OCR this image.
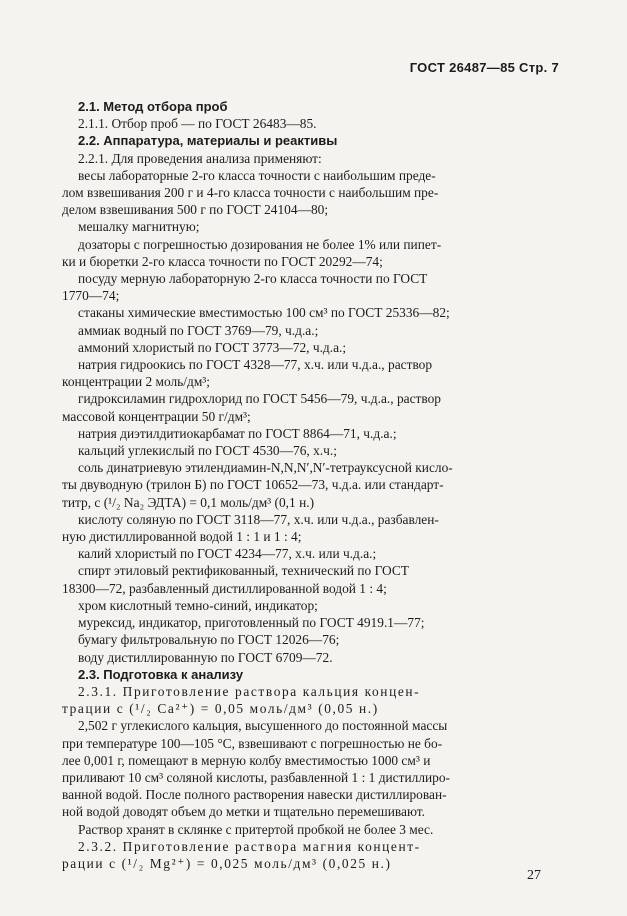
ГОСТ 26487—85 Стр. 7

2.1. Метод отбора проб

2.1.1. Отбор проб — по ГОСТ 26483—85.

2.2. Аппаратура, материалы и реактивы

2.2.1. Для проведения анализа применяют:

весы лабораторные 2-го класса точности с наибольшим преде-

лом взвешивания 200 г и 4-го класса точности с наибольшим пре-

делом взвешивания 500 г по ГОСТ 24104—80;

мешалку магнитную;

дозаторы с погрешностью дозирования не более 1% или пипет-

ки и бюретки 2-го класса точности по ГОСТ 20292—74;

посуду мерную лабораторную 2-го класса точности по ГОСТ

1770—74;

стаканы химические вместимостью 100 см³ по ГОСТ 25336—82;

аммиак водный по ГОСТ 3769—79, ч.д.а.;

аммоний хлористый по ГОСТ 3773—72, ч.д.а.;

натрия гидроокись по ГОСТ 4328—77, х.ч. или ч.д.а., раствор

концентрации 2 моль/дм³;

гидроксиламин гидрохлорид по ГОСТ 5456—79, ч.д.а., раствор

массовой концентрации 50 г/дм³;

натрия диэтилдитиокарбамат по ГОСТ 8864—71, ч.д.а.;

кальций углекислый по ГОСТ 4530—76, х.ч.;

соль динатриевую этилендиамин-N,N,N′,N′-тетрауксусной кисло-

ты двуводную (трилон Б) по ГОСТ 10652—73, ч.д.а. или стандарт-

титр, с (¹/₂ Na₂ ЭДТА) = 0,1 моль/дм³ (0,1 н.)

кислоту соляную по ГОСТ 3118—77, х.ч. или ч.д.а., разбавлен-

ную дистиллированной водой 1 : 1 и 1 : 4;

калий хлористый по ГОСТ 4234—77, х.ч. или ч.д.а.;

спирт этиловый ректификованный, технический по ГОСТ

18300—72, разбавленный дистиллированной водой 1 : 4;

хром кислотный темно-синий, индикатор;

мурексид, индикатор, приготовленный по ГОСТ 4919.1—77;

бумагу фильтровальную по ГОСТ 12026—76;

воду дистиллированную по ГОСТ 6709—72.

2.3. Подготовка к анализу

2.3.1. Приготовление раствора кальция концен-

трации с (¹/₂ Ca²⁺) = 0,05 моль/дм³ (0,05 н.)

2,502 г углекислого кальция, высушенного до постоянной массы

при температуре 100—105 °C, взвешивают с погрешностью не бо-

лее 0,001 г, помещают в мерную колбу вместимостью 1000 см³ и

приливают 10 см³ соляной кислоты, разбавленной 1 : 1 дистиллиро-

ванной водой. После полного растворения навески дистиллирован-

ной водой доводят объем до метки и тщательно перемешивают.

Раствор хранят в склянке с притертой пробкой не более 3 мес.

2.3.2. Приготовление раствора магния концент-

рации с (¹/₂ Mg²⁺) = 0,025 моль/дм³ (0,025 н.)

27
